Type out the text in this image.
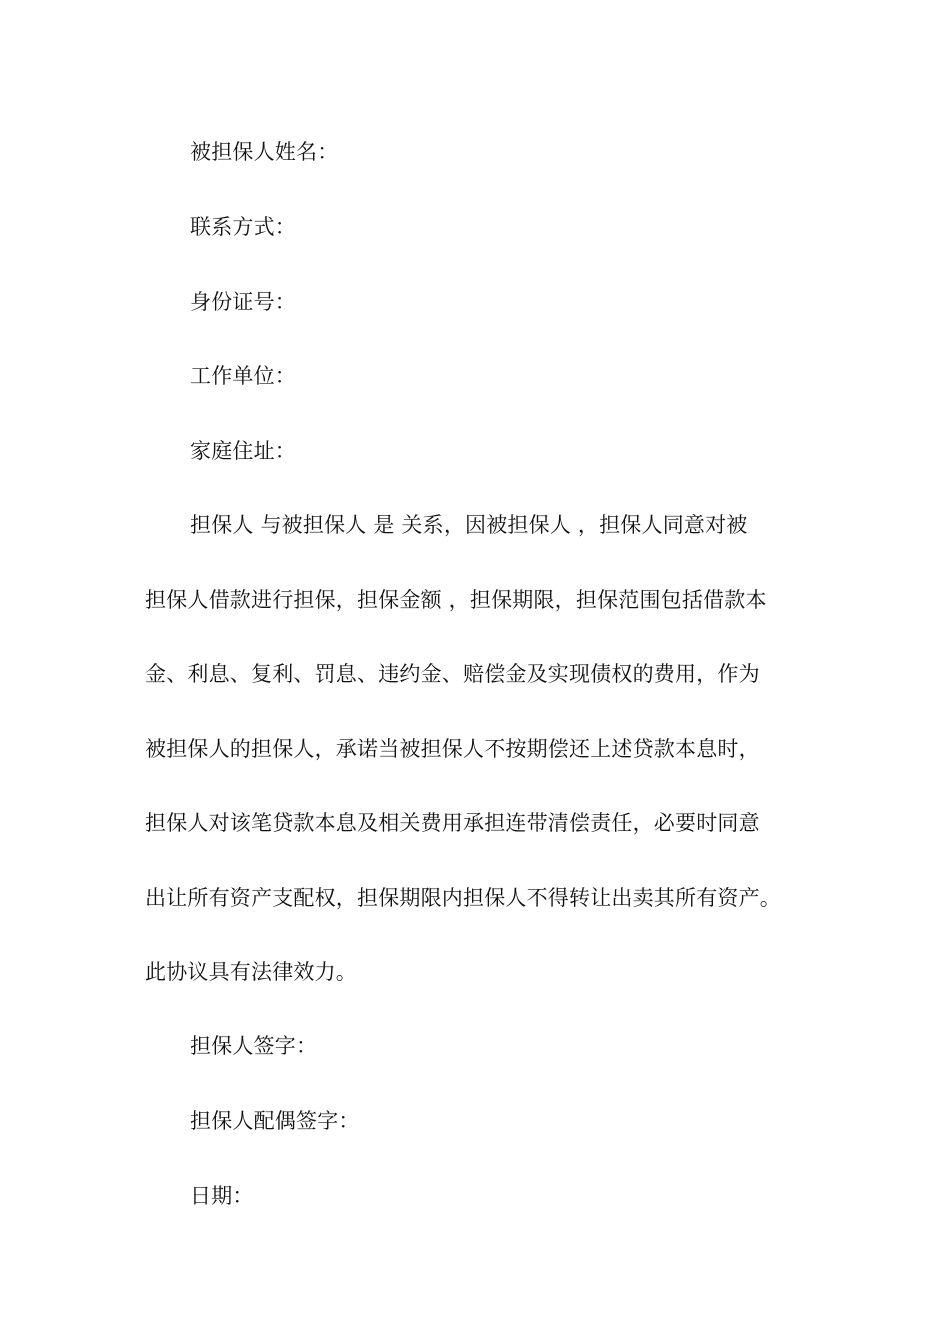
被担保人姓名：
联系方式：
身份证号：
工作单位：
家庭住址：
担保人 与被担保人 是 关系，因被担保人 ，担保人同意对被
担保人借款进行担保，担保金额 ，担保期限，担保范围包括借款本
金、利息、复利、罚息、违约金、赔偿金及实现债权的费用，作为
被担保人的担保人，承诺当被担保人不按期偿还上述贷款本息时，
担保人对该笔贷款本息及相关费用承担连带清偿责任，必要时同意
出让所有资产支配权，担保期限内担保人不得转让出卖其所有资产。
此协议具有法律效力。
担保人签字：
担保人配偶签字：
日期：
